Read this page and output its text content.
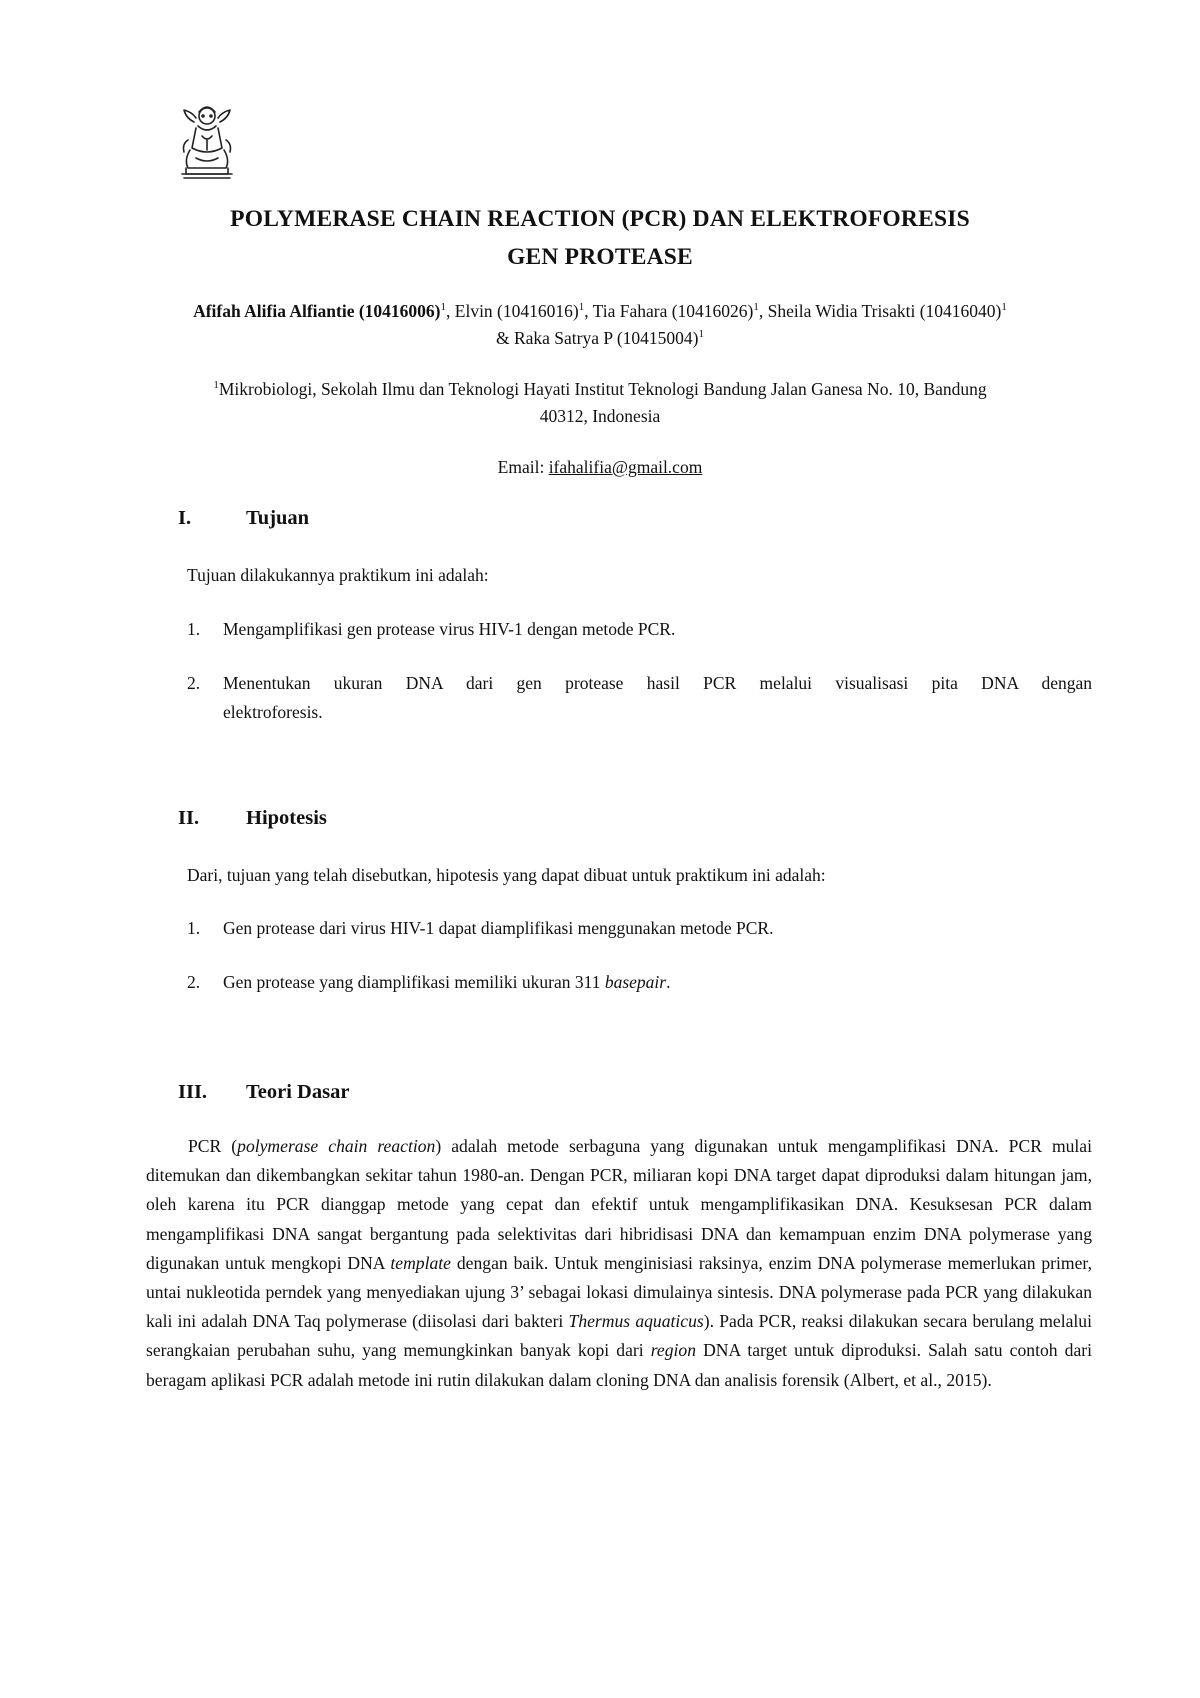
POLYMERASE CHAIN REACTION (PCR) DAN ELEKTROFORESIS
GEN PROTEASE
Afifah Alifia Alfiantie $(10416006)^1$, Elvin $(10416016)^1$, Tia Fahara $(10416026)^1$, Sheila Widia Trisakti $(10416040)^1$
& Raka Satrya P $(10415004)^1$
$^1$Mikrobiologi, Sekolah Ilmu dan Teknologi Hayati Institut Teknologi Bandung Jalan Ganesa No. 10, Bandung
40312, Indonesia
Email: ifahalifia@gmail.com
I.	Tujuan
Tujuan dilakukannya praktikum ini adalah:
1.	Mengamplifikasi gen protease virus HIV-1 dengan metode PCR.
2.	Menentukan ukuran DNA dari gen protease hasil PCR melalui visualisasi pita DNA dengan
elektroforesis.
II. Hipotesis
Dari, tujuan yang telah disebutkan, hipotesis yang dapat dibuat untuk praktikum ini adalah:
1.	Gen protease dari virus HIV-1 dapat diamplifikasi menggunakan metode PCR.
2.	Gen protease yang diamplifikasi memiliki ukuran 311 basepair.
III. Teori Dasar
PCR (polymerase chain reaction) adalah metode serbaguna yang digunakan untuk mengamplifikasi DNA. PCR mulai ditemukan dan dikembangkan sekitar tahun 1980-an. Dengan PCR, miliaran kopi DNA target dapat diproduksi dalam hitungan jam, oleh karena itu PCR dianggap metode yang cepat dan efektif untuk mengamplifikasikan DNA. Kesuksesan PCR dalam mengamplifikasi DNA sangat bergantung pada selektivitas dari hibridisasi DNA dan kemampuan enzim DNA polymerase yang digunakan untuk mengkopi DNA template dengan baik. Untuk menginisiasi raksinya, enzim DNA polymerase memerlukan primer, untai nukleotida perndek yang menyediakan ujung 3’ sebagai lokasi dimulainya sintesis. DNA polymerase pada PCR yang dilakukan kali ini adalah DNA Taq polymerase (diisolasi dari bakteri Thermus aquaticus). Pada PCR, reaksi dilakukan secara berulang melalui serangkaian perubahan suhu, yang memungkinkan banyak kopi dari region DNA target untuk diproduksi. Salah satu contoh dari beragam aplikasi PCR adalah metode ini rutin dilakukan dalam cloning DNA dan analisis forensik (Albert, et al., 2015).
